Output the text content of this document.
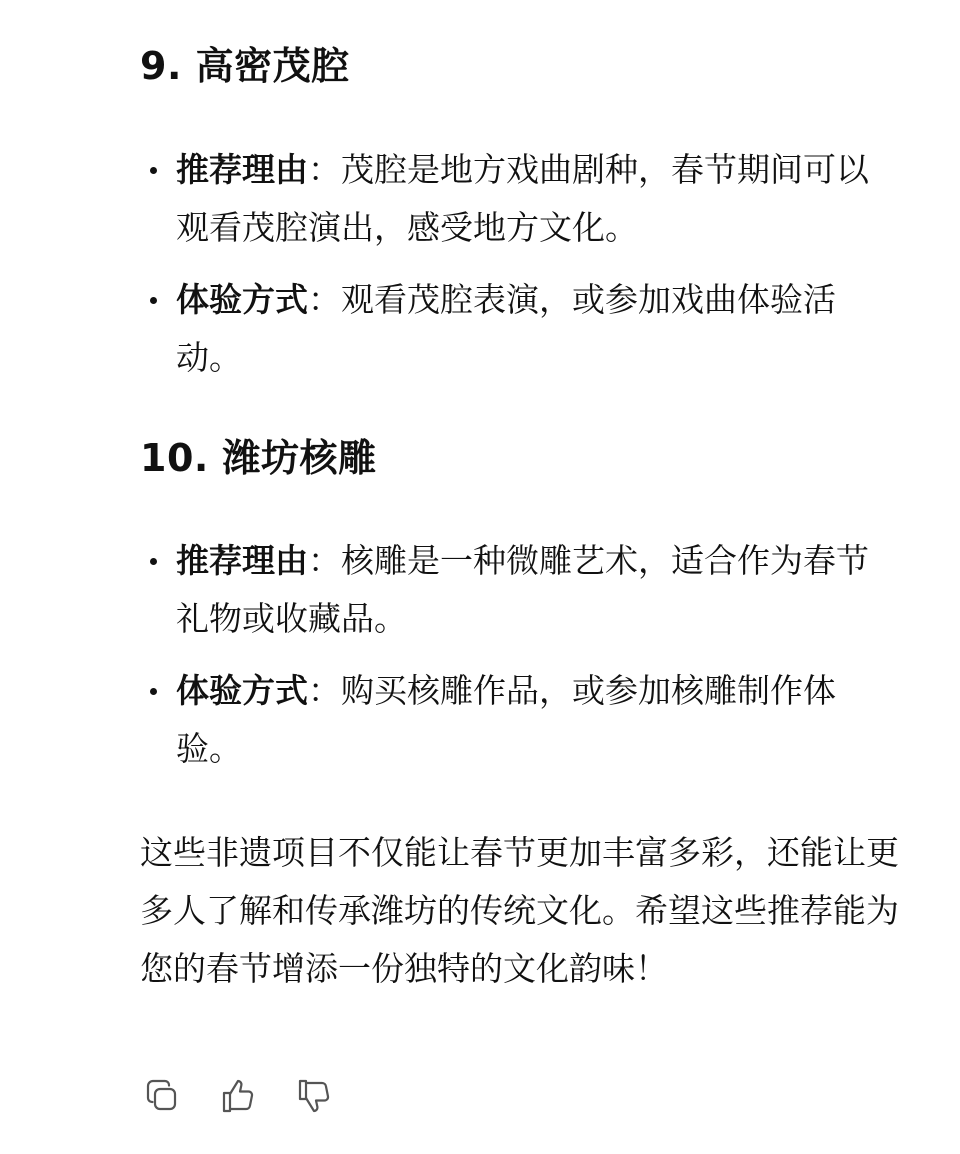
9. 高密茂腔
推荐理由：茂腔是地方戏曲剧种，春节期间可以观看茂腔演出，感受地方文化。
体验方式：观看茂腔表演，或参加戏曲体验活动。
10. 潍坊核雕
推荐理由：核雕是一种微雕艺术，适合作为春节礼物或收藏品。
体验方式：购买核雕作品，或参加核雕制作体验。

这些非遗项目不仅能让春节更加丰富多彩，还能让更多人了解和传承潍坊的传统文化。希望这些推荐能为您的春节增添一份独特的文化韵味！
